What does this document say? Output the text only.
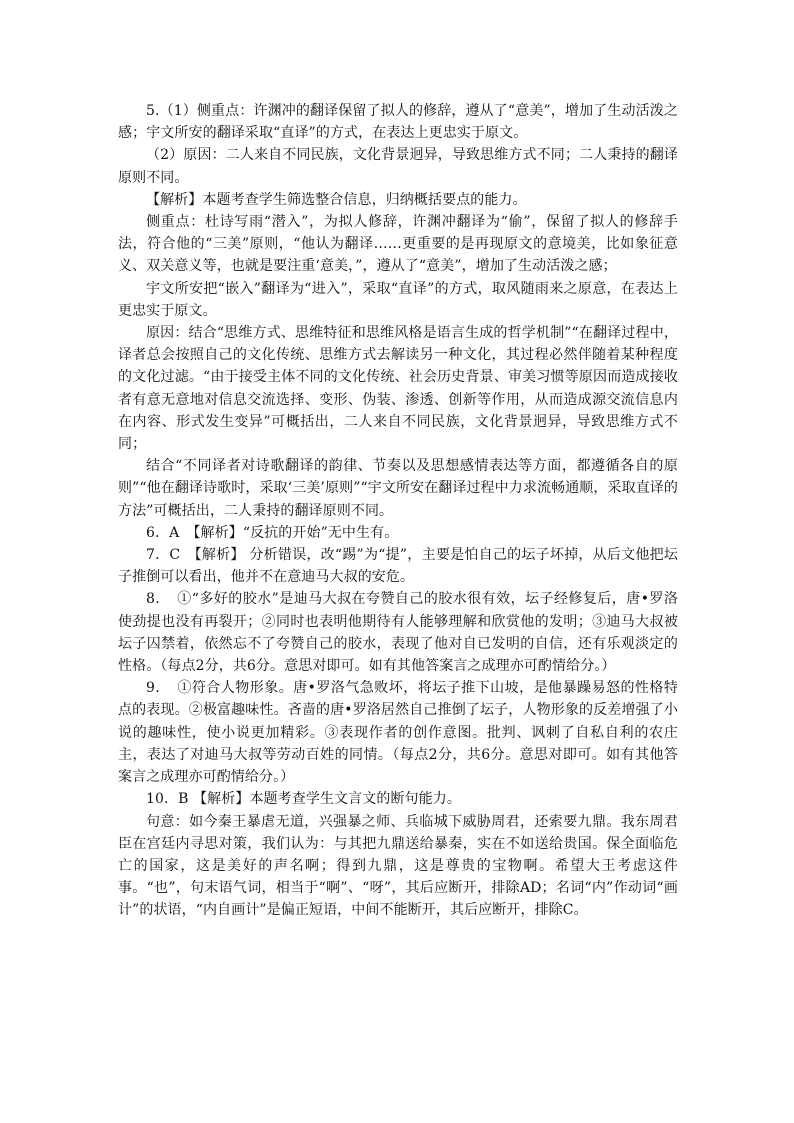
5.（1）侧重点：许渊冲的翻译保留了拟人的修辞，遵从了“意美”，增加了生动活泼之感；宇文所安的翻译采取“直译”的方式，在表达上更忠实于原文。

（2）原因：二人来自不同民族，文化背景迥异，导致思维方式不同；二人秉持的翻译原则不同。

【解析】本题考查学生筛选整合信息，归纳概括要点的能力。

侧重点：杜诗写雨“潜入”，为拟人修辞，许渊冲翻译为“偷”，保留了拟人的修辞手法，符合他的“三美”原则，“他认为翻译……更重要的是再现原文的意境美，比如象征意义、双关意义等，也就是要注重‘意美，”，遵从了“意美”，增加了生动活泼之感；

宇文所安把“嵌入”翻译为“进入”，采取“直译”的方式，取风随雨来之原意，在表达上更忠实于原文。

原因：结合“思维方式、思维特征和思维风格是语言生成的哲学机制”“在翻译过程中，译者总会按照自己的文化传统、思维方式去解读另一种文化，其过程必然伴随着某种程度的文化过滤。“由于接受主体不同的文化传统、社会历史背景、审美习惯等原因而造成接收者有意无意地对信息交流选择、变形、伪装、渗透、创新等作用，从而造成源交流信息内在内容、形式发生变异”可概括出，二人来自不同民族，文化背景迥异，导致思维方式不同；

结合“不同译者对诗歌翻译的韵律、节奏以及思想感情表达等方面，都遵循各自的原则”“他在翻译诗歌时，采取‘三美’原则”“宇文所安在翻译过程中力求流畅通顺，采取直译的方法”可概括出，二人秉持的翻译原则不同。

6．A　【解析】“反抗的开始”无中生有。

7．C　【解析】 分析错误，改“踢”为“提”，主要是怕自己的坛子坏掉，从后文他把坛子推倒可以看出，他并不在意迪马大叔的安危。

8．　①“多好的胶水”是迪马大叔在夸赞自己的胶水很有效，坛子经修复后，唐•罗洛使劲提也没有再裂开；②同时也表明他期待有人能够理解和欣赏他的发明；③迪马大叔被坛子囚禁着，依然忘不了夸赞自己的胶水，表现了他对自已发明的自信，还有乐观淡定的性格。（每点2分，共6分。意思对即可。如有其他答案言之成理亦可酌情给分。）

9．　①符合人物形象。唐•罗洛气急败坏，将坛子推下山坡，是他暴躁易怒的性格特点的表现。②极富趣味性。吝啬的唐•罗洛居然自己推倒了坛子，人物形象的反差增强了小说的趣味性，使小说更加精彩。③表现作者的创作意图。批判、讽刺了自私自利的农庄主，表达了对迪马大叔等劳动百姓的同情。（每点2分，共6分。意思对即可。如有其他答案言之成理亦可酌情给分。）

10．B 【解析】本题考查学生文言文的断句能力。

句意：如今秦王暴虐无道，兴强暴之师、兵临城下威胁周君，还索要九鼎。我东周君臣在宫廷内寻思对策，我们认为：与其把九鼎送给暴秦，实在不如送给贵国。保全面临危亡的国家，这是美好的声名啊；得到九鼎，这是尊贵的宝物啊。希望大王考虑这件事。“也”，句末语气词，相当于“啊”、“呀”，其后应断开，排除AD；名词“内”作动词“画计”的状语，“内自画计”是偏正短语，中间不能断开，其后应断开，排除C。
